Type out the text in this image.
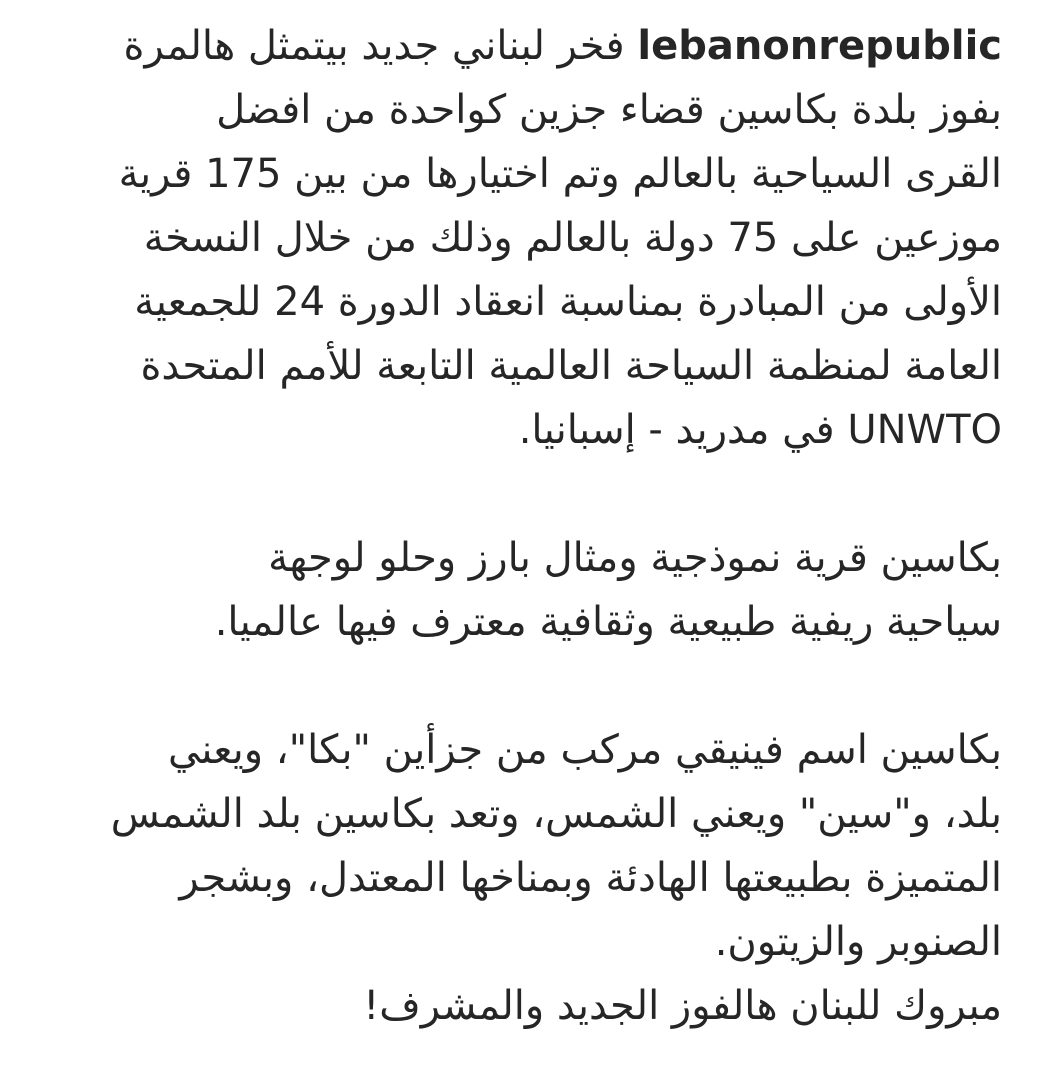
lebanonrepublic فخر لبناني جديد بيتمثل هالمرة
بفوز بلدة بكاسين قضاء جزين كواحدة من افضل
القرى السياحية بالعالم وتم اختيارها من بين 175 قرية
موزعين على 75 دولة بالعالم وذلك من خلال النسخة
الأولى من المبادرة بمناسبة انعقاد الدورة 24 للجمعية
العامة لمنظمة السياحة العالمية التابعة للأمم المتحدة
UNWTO في مدريد - إسبانيا.
بكاسين قرية نموذجية ومثال بارز وحلو لوجهة
سياحية ريفية طبيعية وثقافية معترف فيها عالميا.
بكاسين اسم فينيقي مركب من جزأين "بكا"، ويعني
بلد، و"سين" ويعني الشمس، وتعد بكاسين بلد الشمس
المتميزة بطبيعتها الهادئة وبمناخها المعتدل، وبشجر
الصنوبر والزيتون.
مبروك للبنان هالفوز الجديد والمشرف!
